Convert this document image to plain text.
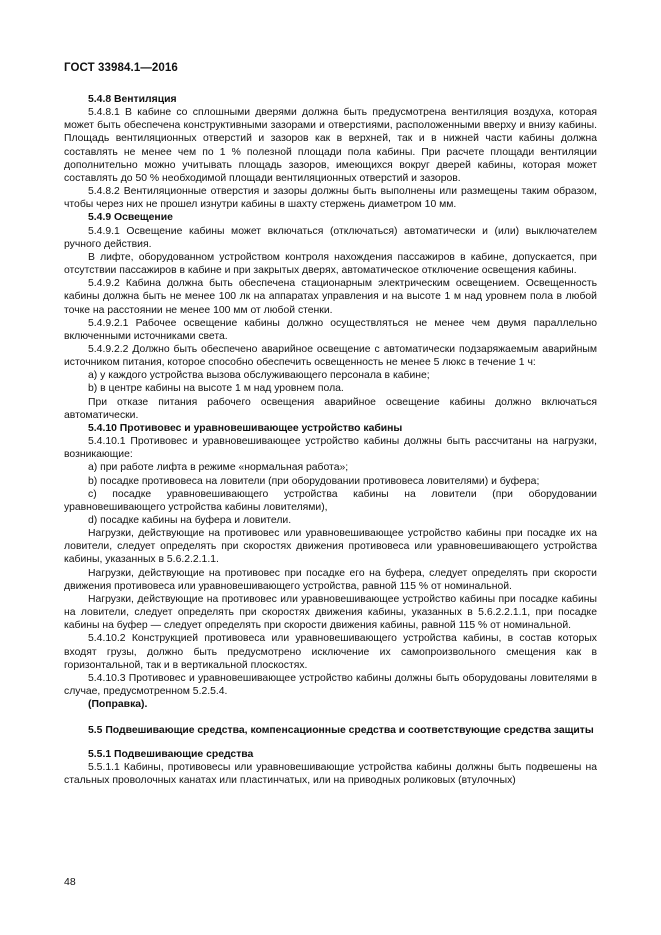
ГОСТ 33984.1—2016

5.4.8 Вентиляция

5.4.8.1 В кабине со сплошными дверями должна быть предусмотрена вентиляция воздуха, которая может быть обеспечена конструктивными зазорами и отверстиями, расположенными вверху и внизу кабины. Площадь вентиляционных отверстий и зазоров как в верхней, так и в нижней части кабины должна составлять не менее чем по 1 % полезной площади пола кабины. При расчете площади вентиляции дополнительно можно учитывать площадь зазоров, имеющихся вокруг дверей кабины, которая может составлять до 50 % необходимой площади вентиляционных отверстий и зазоров.

5.4.8.2 Вентиляционные отверстия и зазоры должны быть выполнены или размещены таким образом, чтобы через них не прошел изнутри кабины в шахту стержень диаметром 10 мм.

5.4.9 Освещение

5.4.9.1 Освещение кабины может включаться (отключаться) автоматически и (или) выключателем ручного действия.

В лифте, оборудованном устройством контроля нахождения пассажиров в кабине, допускается, при отсутствии пассажиров в кабине и при закрытых дверях, автоматическое отключение освещения кабины.

5.4.9.2 Кабина должна быть обеспечена стационарным электрическим освещением. Освещенность кабины должна быть не менее 100 лк на аппаратах управления и на высоте 1 м над уровнем пола в любой точке на расстоянии не менее 100 мм от любой стенки.

5.4.9.2.1 Рабочее освещение кабины должно осуществляться не менее чем двумя параллельно включенными источниками света.

5.4.9.2.2 Должно быть обеспечено аварийное освещение с автоматически подзаряжаемым аварийным источником питания, которое способно обеспечить освещенность не менее 5 люкс в течение 1 ч:

a) у каждого устройства вызова обслуживающего персонала в кабине;

b) в центре кабины на высоте 1 м над уровнем пола.

При отказе питания рабочего освещения аварийное освещение кабины должно включаться автоматически.

5.4.10 Противовес и уравновешивающее устройство кабины

5.4.10.1 Противовес и уравновешивающее устройство кабины должны быть рассчитаны на нагрузки, возникающие:

a) при работе лифта в режиме «нормальная работа»;

b) посадке противовеса на ловители (при оборудовании противовеса ловителями) и буфера;

c) посадке уравновешивающего устройства кабины на ловители (при оборудовании уравновешивающего устройства кабины ловителями),

d) посадке кабины на буфера и ловители.

Нагрузки, действующие на противовес или уравновешивающее устройство кабины при посадке их на ловители, следует определять при скоростях движения противовеса или уравновешивающего устройства кабины, указанных в 5.6.2.2.1.1.

Нагрузки, действующие на противовес при посадке его на буфера, следует определять при скорости движения противовеса или уравновешивающего устройства, равной 115 % от номинальной.

Нагрузки, действующие на противовес или уравновешивающее устройство кабины при посадке кабины на ловители, следует определять при скоростях движения кабины, указанных в 5.6.2.2.1.1, при посадке кабины на буфер — следует определять при скорости движения кабины, равной 115 % от номинальной.

5.4.10.2 Конструкцией противовеса или уравновешивающего устройства кабины, в состав которых входят грузы, должно быть предусмотрено исключение их самопроизвольного смещения как в горизонтальной, так и в вертикальной плоскостях.

5.4.10.3 Противовес и уравновешивающее устройство кабины должны быть оборудованы ловителями в случае, предусмотренном 5.2.5.4.

(Поправка).

5.5 Подвешивающие средства, компенсационные средства и соответствующие средства защиты

5.5.1 Подвешивающие средства

5.5.1.1 Кабины, противовесы или уравновешивающие устройства кабины должны быть подвешены на стальных проволочных канатах или пластинчатых, или на приводных роликовых (втулочных)

48
